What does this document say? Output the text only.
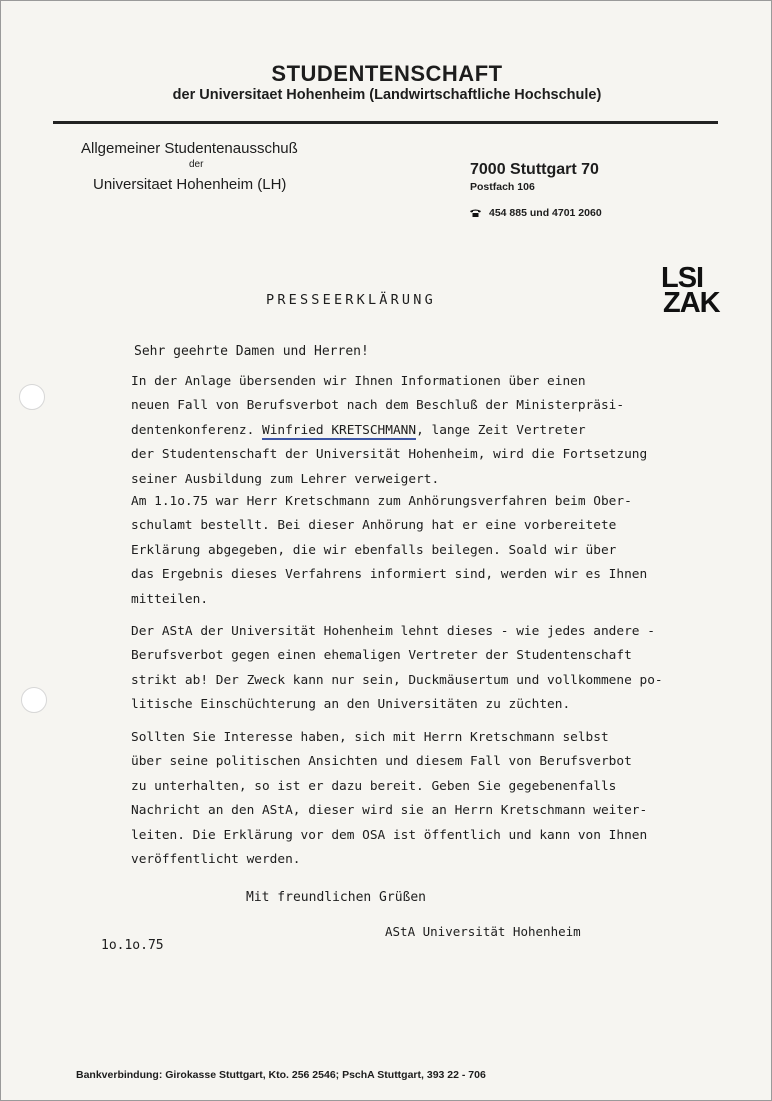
STUDENTENSCHAFT
der Universitaet Hohenheim (Landwirtschaftliche Hochschule)
Allgemeiner Studentenausschuß
der
Universitaet Hohenheim (LH)
7000 Stuttgart 70
Postfach 106
454 885 und 4701 2060
LSI
ZAK
PRESSEERKLÄRUNG
Sehr geehrte Damen und Herren!
In der Anlage übersenden wir Ihnen Informationen über einen
neuen Fall von Berufsverbot nach dem Beschluß der Ministerpräsi-
dentenkonferenz. Winfried KRETSCHMANN, lange Zeit Vertreter
der Studentenschaft der Universität Hohenheim, wird die Fortsetzung
seiner Ausbildung zum Lehrer verweigert.
Am 1.1o.75 war Herr Kretschmann zum Anhörungsverfahren beim Ober-
schulamt bestellt. Bei dieser Anhörung hat er eine vorbereitete
Erklärung abgegeben, die wir ebenfalls beilegen. Soald wir über
das Ergebnis dieses Verfahrens informiert sind, werden wir es Ihnen
mitteilen.
Der AStA der Universität Hohenheim lehnt dieses - wie jedes andere -
Berufsverbot gegen einen ehemaligen Vertreter der Studentenschaft
strikt ab! Der Zweck kann nur sein, Duckmäusertum und vollkommene po-
litische Einschüchterung an den Universitäten zu züchten.
Sollten Sie Interesse haben, sich mit Herrn Kretschmann selbst
über seine politischen Ansichten und diesem Fall von Berufsverbot
zu unterhalten, so ist er dazu bereit. Geben Sie gegebenenfalls
Nachricht an den AStA, dieser wird sie an Herrn Kretschmann weiter-
leiten. Die Erklärung vor dem OSA ist öffentlich und kann von Ihnen
veröffentlicht werden.
Mit freundlichen Grüßen
AStA Universität Hohenheim
1o.1o.75
Bankverbindung: Girokasse Stuttgart, Kto. 256 2546; PschA Stuttgart, 393 22 - 706
